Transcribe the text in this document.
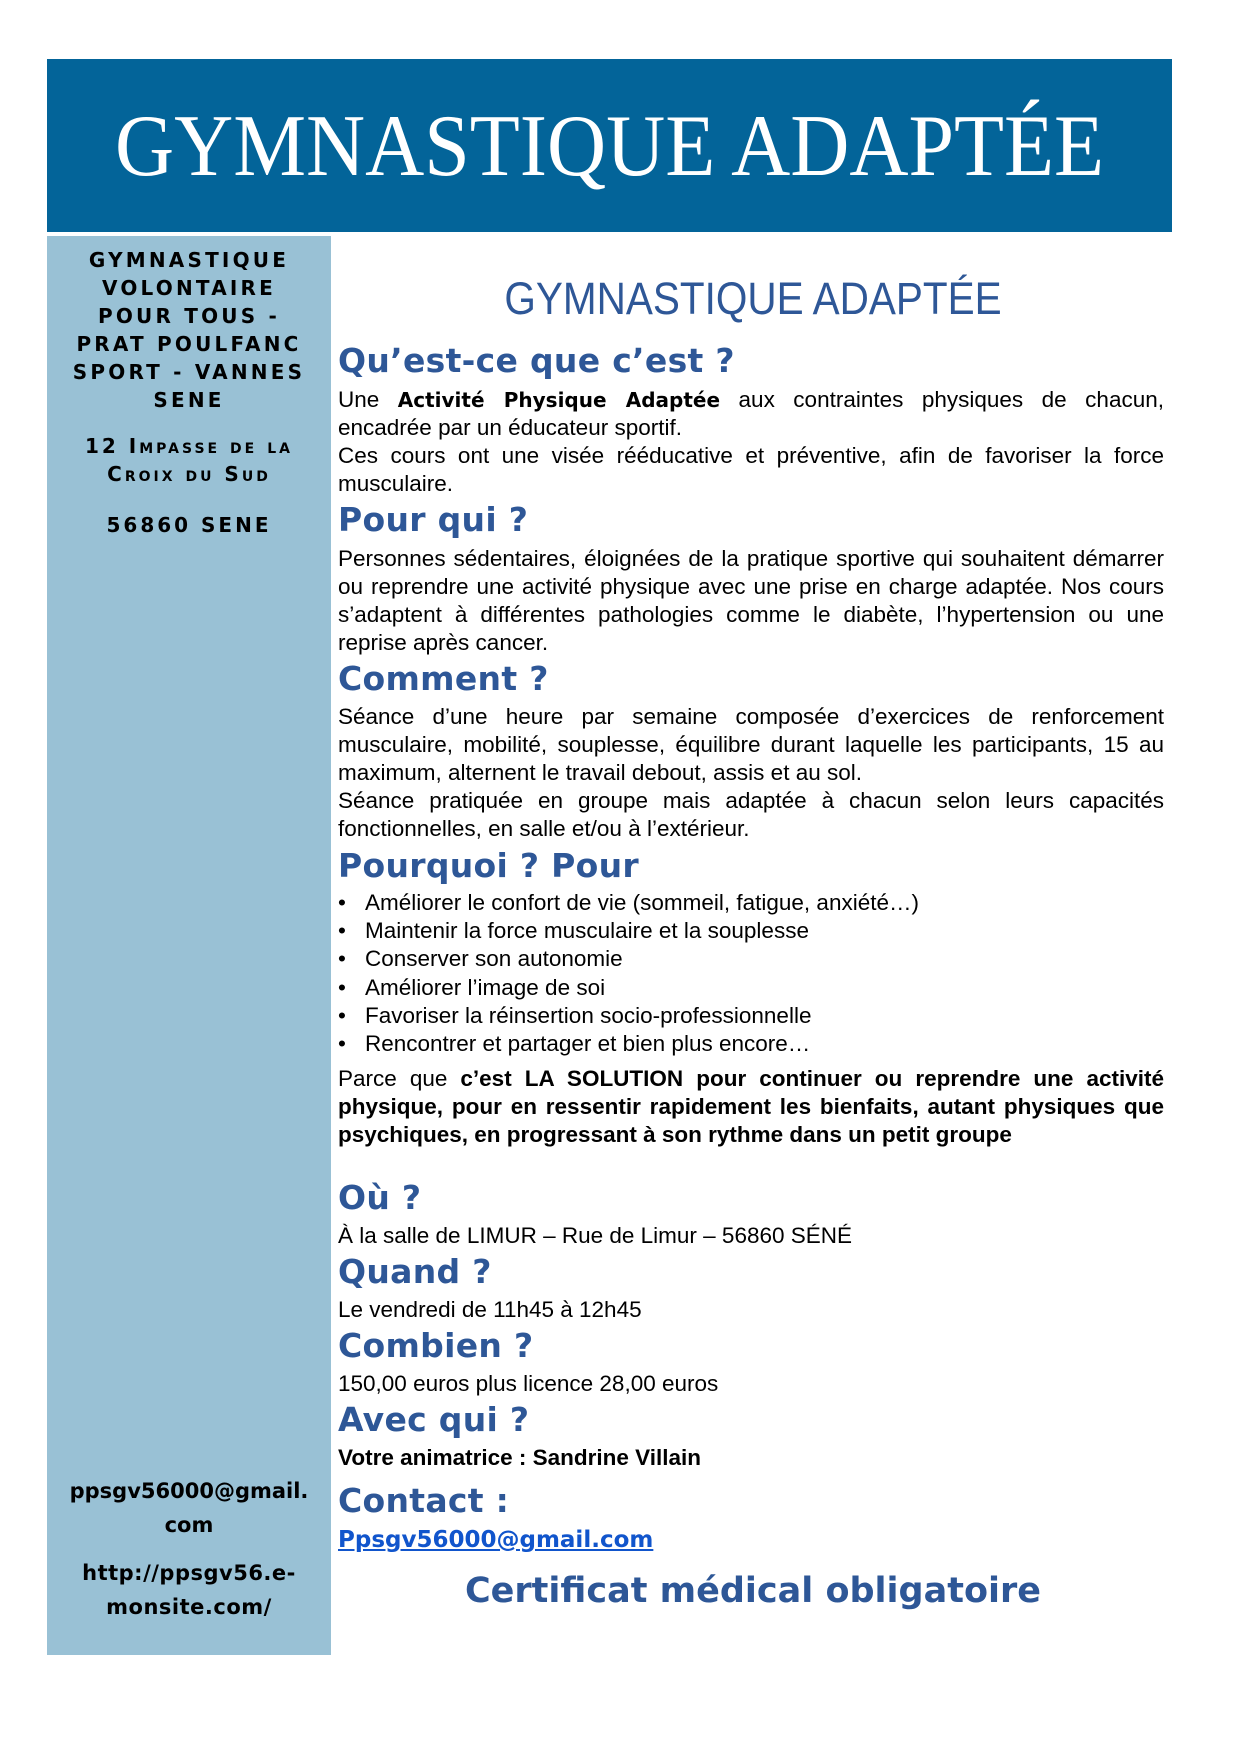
GYMNASTIQUE ADAPTÉE
GYMNASTIQUE
VOLONTAIRE
POUR TOUS -
PRAT POULFANC
SPORT - VANNES
SENE
12 Impasse de la
Croix du Sud
56860 SENE
ppsgv56000@gmail.
com
http://ppsgv56.e-
monsite.com/
GYMNASTIQUE ADAPTÉE
Qu’est-ce que c’est ?
Une Activité Physique Adaptée aux contraintes physiques de chacun, encadrée par un éducateur sportif.
Ces cours ont une visée rééducative et préventive, afin de favoriser la force musculaire.
Pour qui ?
Personnes sédentaires, éloignées de la pratique sportive qui souhaitent démarrer ou reprendre une activité physique avec une prise en charge adaptée. Nos cours s’adaptent à différentes pathologies comme le diabète, l’hypertension ou une reprise après cancer.
Comment ?
Séance d’une heure par semaine composée d’exercices de renforcement musculaire, mobilité, souplesse, équilibre durant laquelle les participants, 15 au maximum, alternent le travail debout, assis et au sol.
Séance pratiquée en groupe mais adaptée à chacun selon leurs capacités fonctionnelles, en salle et/ou à l’extérieur.
Pourquoi ? Pour
• Améliorer le confort de vie (sommeil, fatigue, anxiété…)
• Maintenir la force musculaire et la souplesse
• Conserver son autonomie
• Améliorer l’image de soi
• Favoriser la réinsertion socio-professionnelle
• Rencontrer et partager et bien plus encore…
Parce que c’est LA SOLUTION pour continuer ou reprendre une activité physique, pour en ressentir rapidement les bienfaits, autant physiques que psychiques, en progressant à son rythme dans un petit groupe
Où ?
À la salle de LIMUR – Rue de Limur – 56860 SÉNÉ
Quand ?
Le vendredi de 11h45 à 12h45
Combien ?
150,00 euros plus licence 28,00 euros
Avec qui ?
Votre animatrice : Sandrine Villain
Contact :
Ppsgv56000@gmail.com
Certificat médical obligatoire
